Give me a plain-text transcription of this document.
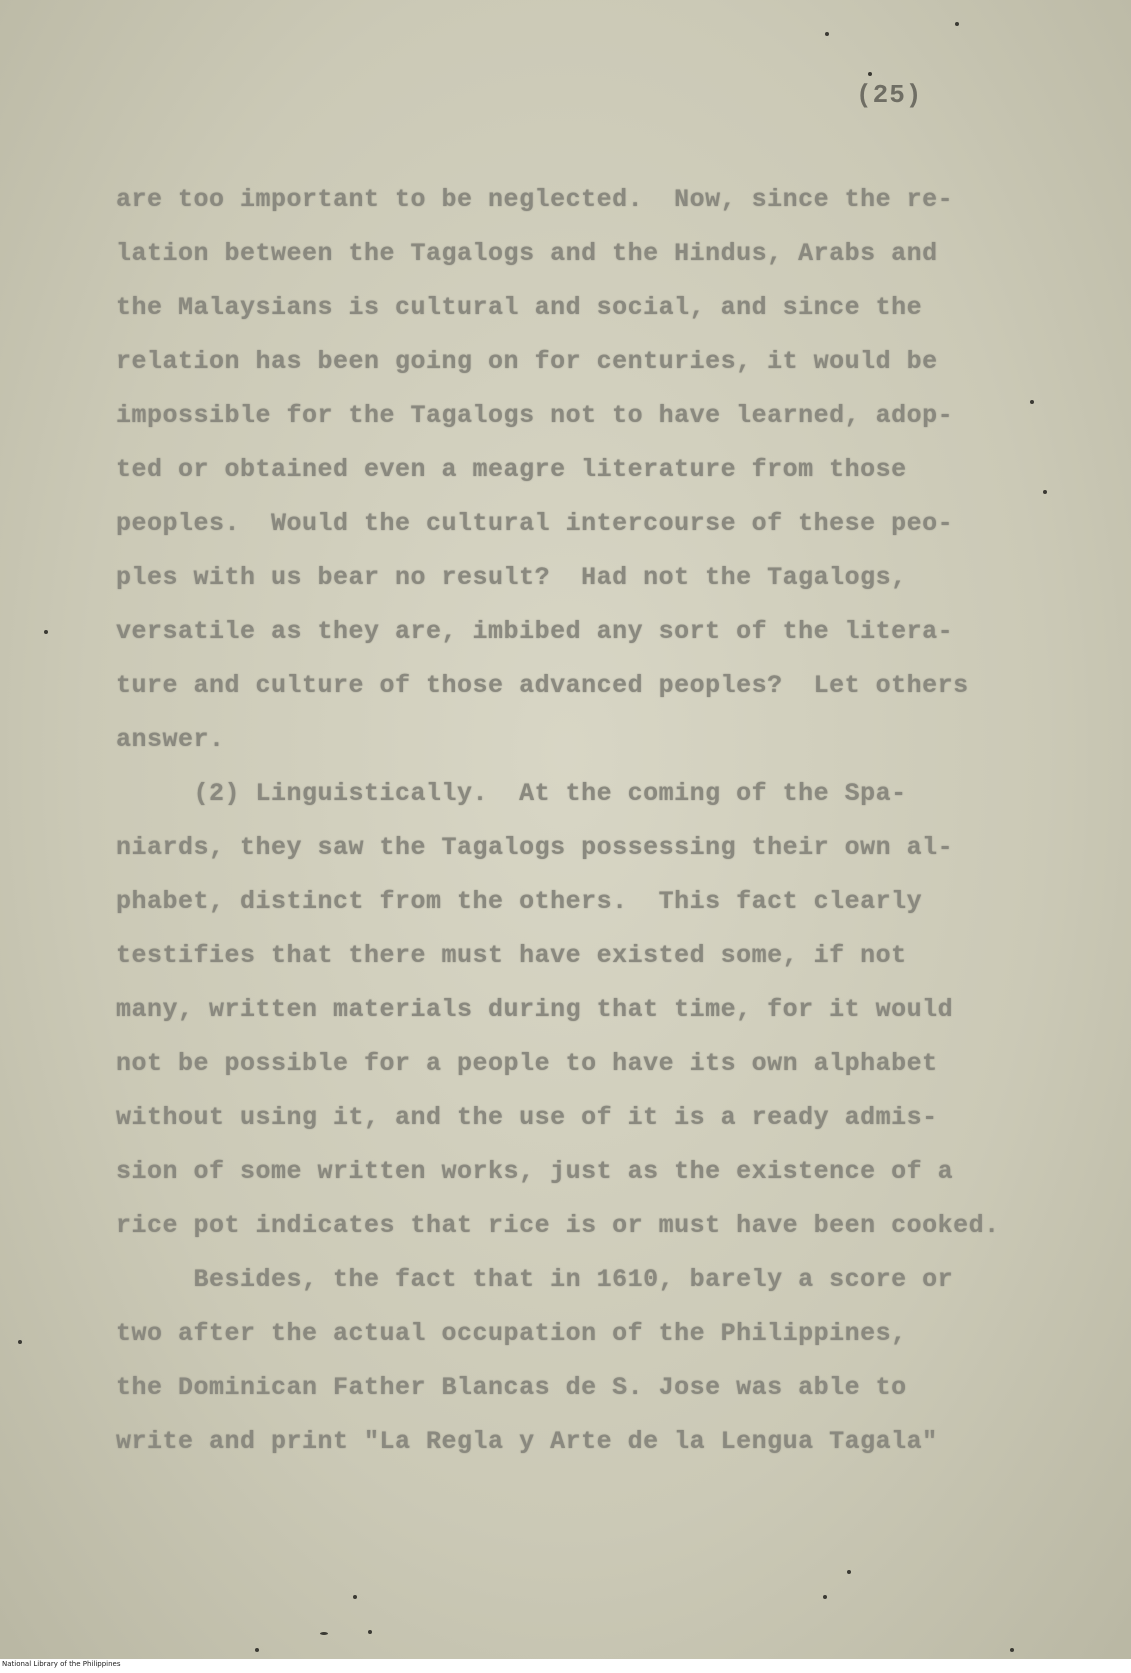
(25)
are too important to be neglected.  Now, since the re-
lation between the Tagalogs and the Hindus, Arabs and
the Malaysians is cultural and social, and since the
relation has been going on for centuries, it would be
impossible for the Tagalogs not to have learned, adop-
ted or obtained even a meagre literature from those
peoples.  Would the cultural intercourse of these peo-
ples with us bear no result?  Had not the Tagalogs,
versatile as they are, imbibed any sort of the litera-
ture and culture of those advanced peoples?  Let others
answer.
(2) Linguistically.  At the coming of the Spa-
niards, they saw the Tagalogs possessing their own al-
phabet, distinct from the others.  This fact clearly
testifies that there must have existed some, if not
many, written materials during that time, for it would
not be possible for a people to have its own alphabet
without using it, and the use of it is a ready admis-
sion of some written works, just as the existence of a
rice pot indicates that rice is or must have been cooked.
Besides, the fact that in 1610, barely a score or
two after the actual occupation of the Philippines,
the Dominican Father Blancas de S. Jose was able to
write and print "La Regla y Arte de la Lengua Tagala"
National Library of the Philippines
